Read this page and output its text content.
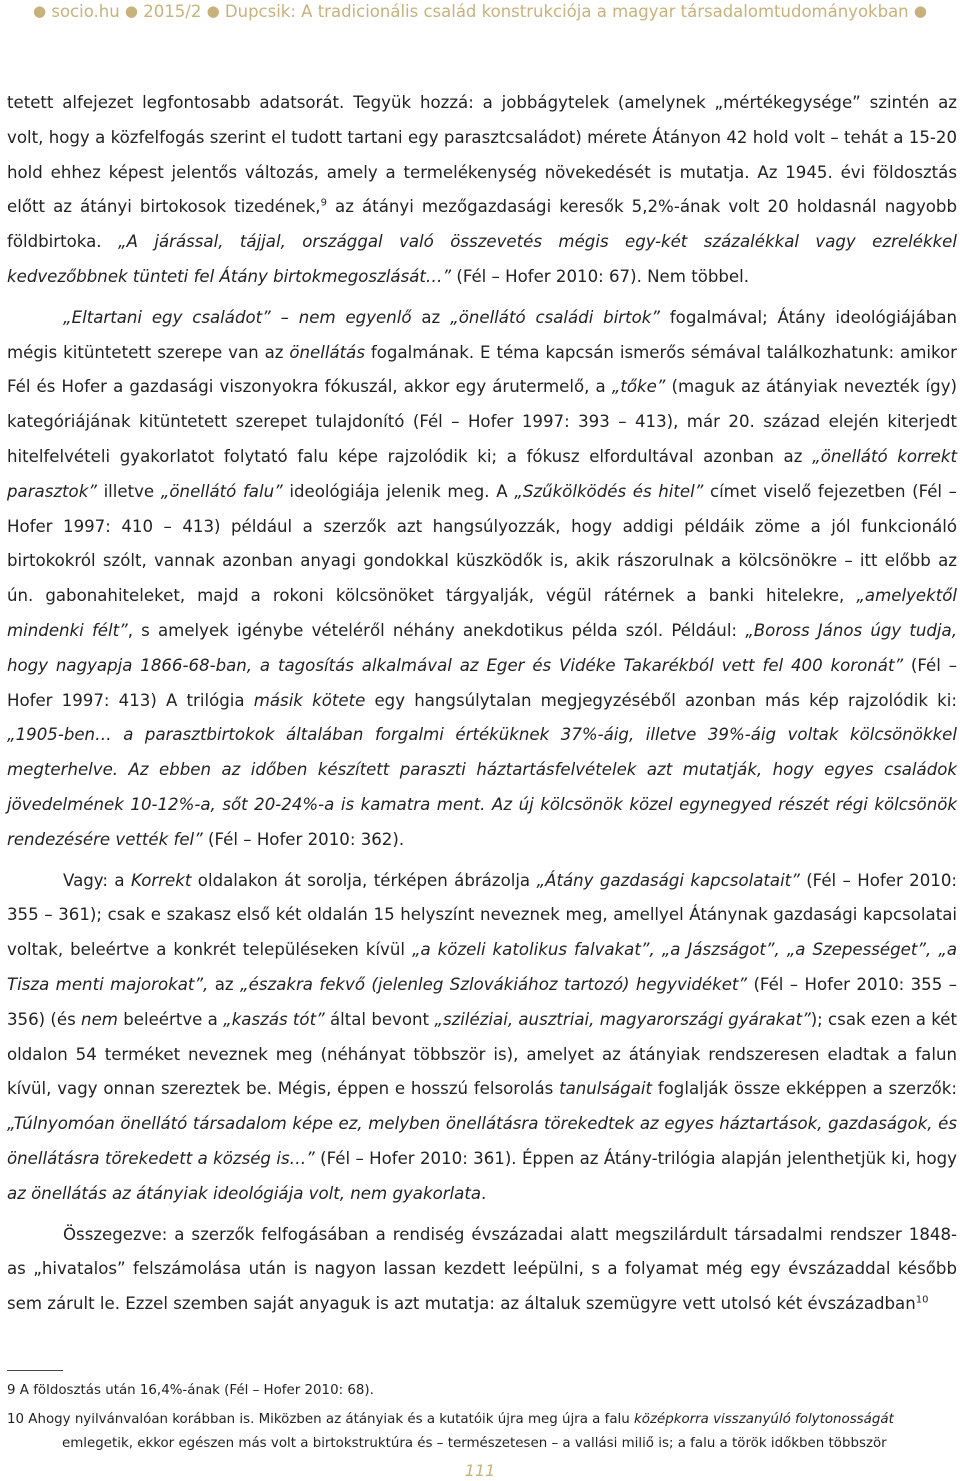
● socio.hu ● 2015/2 ● Dupcsik: A tradicionális család konstrukciója a magyar társadalomtudományokban ●

tetett alfejezet legfontosabb adatsorát. Tegyük hozzá: a jobbágytelek (amelynek „mértékegysége” szintén az volt, hogy a közfelfogás szerint el tudott tartani egy parasztcsaládot) mérete Átányon 42 hold volt – tehát a 15-20 hold ehhez képest jelentős változás, amely a termelékenység növekedését is mutatja. Az 1945. évi földosztás előtt az átányi birtokosok tizedének,$^9$ az átányi mezőgazdasági keresők 5,2%-ának volt 20 holdasnál nagyobb földbirtoka. „A járással, tájjal, országgal való összevetés mégis egy-két százalékkal vagy ezrelékkel kedvezőbbnek tünteti fel Átány birtokmegoszlását…” (Fél – Hofer 2010: 67). Nem többel.

„Eltartani egy családot” – nem egyenlő az „önellátó családi birtok” fogalmával; Átány ideológiájában mégis kitüntetett szerepe van az önellátás fogalmának. E téma kapcsán ismerős sémával találkozhatunk: amikor Fél és Hofer a gazdasági viszonyokra fókuszál, akkor egy árutermelő, a „tőke” (maguk az átányiak nevezték így) kategóriájának kitüntetett szerepet tulajdonító (Fél – Hofer 1997: 393 – 413), már 20. század elején kiterjedt hitelfelvételi gyakorlatot folytató falu képe rajzolódik ki; a fókusz elfordultával azonban az „önellátó korrekt parasztok” illetve „önellátó falu” ideológiája jelenik meg. A „Szűkölködés és hitel” címet viselő fejezetben (Fél – Hofer 1997: 410 – 413) például a szerzők azt hangsúlyozzák, hogy addigi példáik zöme a jól funkcionáló birtokokról szólt, vannak azonban anyagi gondokkal küszködők is, akik rászorulnak a kölcsönökre – itt előbb az ún. gabonahiteleket, majd a rokoni kölcsönöket tárgyalják, végül rátérnek a banki hitelekre, „amelyektől mindenki félt”, s amelyek igénybe vételéről néhány anekdotikus példa szól. Például: „Boross János úgy tudja, hogy nagyapja 1866-68-ban, a tagosítás alkalmával az Eger és Vidéke Takarékból vett fel 400 koronát” (Fél – Hofer 1997: 413) A trilógia másik kötete egy hangsúlytalan megjegyzéséből azonban más kép rajzolódik ki: „1905-ben… a parasztbirtokok általában forgalmi értéküknek 37%-áig, illetve 39%-áig voltak kölcsönökkel megterhelve. Az ebben az időben készített paraszti háztartásfelvételek azt mutatják, hogy egyes családok jövedelmének 10-12%-a, sőt 20-24%-a is kamatra ment. Az új kölcsönök közel egynegyed részét régi kölcsönök rendezésére vették fel” (Fél – Hofer 2010: 362).

Vagy: a Korrekt oldalakon át sorolja, térképen ábrázolja „Átány gazdasági kapcsolatait” (Fél – Hofer 2010: 355 – 361); csak e szakasz első két oldalán 15 helyszínt neveznek meg, amellyel Átánynak gazdasági kapcsolatai voltak, beleértve a konkrét településeken kívül „a közeli katolikus falvakat”, „a Jászságot”, „a Szepességet”, „a Tisza menti majorokat”, az „északra fekvő (jelenleg Szlovákiához tartozó) hegyvidéket” (Fél – Hofer 2010: 355 – 356) (és nem beleértve a „kaszás tót” által bevont „sziléziai, ausztriai, magyarországi gyárakat”); csak ezen a két oldalon 54 terméket neveznek meg (néhányat többször is), amelyet az átányiak rendszeresen eladtak a falun kívül, vagy onnan szereztek be. Mégis, éppen e hosszú felsorolás tanulságait foglalják össze ekképpen a szerzők: „Túlnyomóan önellátó társadalom képe ez, melyben önellátásra törekedtek az egyes háztartások, gazdaságok, és önellátásra törekedett a község is…” (Fél – Hofer 2010: 361). Éppen az Átány-trilógia alapján jelenthetjük ki, hogy az önellátás az átányiak ideológiája volt, nem gyakorlata.

Összegezve: a szerzők felfogásában a rendiség évszázadai alatt megszilárdult társadalmi rendszer 1848-as „hivatalos” felszámolása után is nagyon lassan kezdett leépülni, s a folyamat még egy évszázaddal később sem zárult le. Ezzel szemben saját anyaguk is azt mutatja: az általuk szemügyre vett utolsó két évszázadban$^{10}$

9 A földosztás után 16,4%-ának (Fél – Hofer 2010: 68).

10 Ahogy nyilvánvalóan korábban is. Miközben az átányiak és a kutatóik újra meg újra a falu középkorra visszanyúló folytonosságát

emlegetik, ekkor egészen más volt a birtokstruktúra és – természetesen – a vallási miliő is; a falu a török időkben többször

111
